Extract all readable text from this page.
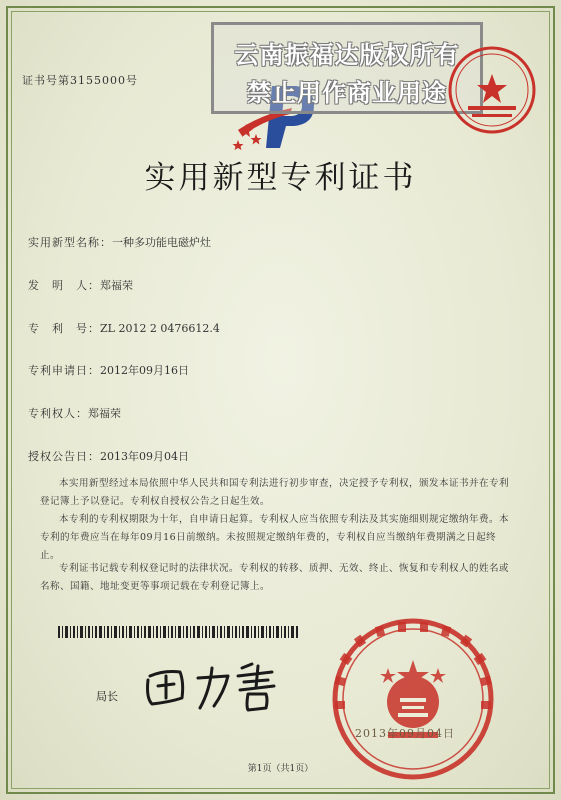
证书号第3155000号
云南振福达版权所有
禁止用作商业用途
实用新型专利证书
实用新型名称：一种多功能电磁炉灶
发　明　人：郑福荣
专　利　号：ZL 2012 2 0476612.4
专利申请日：2012年09月16日
专利权人：郑福荣
授权公告日：2013年09月04日
本实用新型经过本局依照中华人民共和国专利法进行初步审查，决定授予专利权，颁发本证书并在专利登记簿上予以登记。专利权自授权公告之日起生效。
本专利的专利权期限为十年，自申请日起算。专利权人应当依照专利法及其实施细则规定缴纳年费。本专利的年费应当在每年09月16日前缴纳。未按照规定缴纳年费的，专利权自应当缴纳年费期满之日起终止。
专利证书记载专利权登记时的法律状况。专利权的转移、质押、无效、终止、恢复和专利权人的姓名或名称、国籍、地址变更等事项记载在专利登记簿上。
局长
2013年09月04日
第1页（共1页）
